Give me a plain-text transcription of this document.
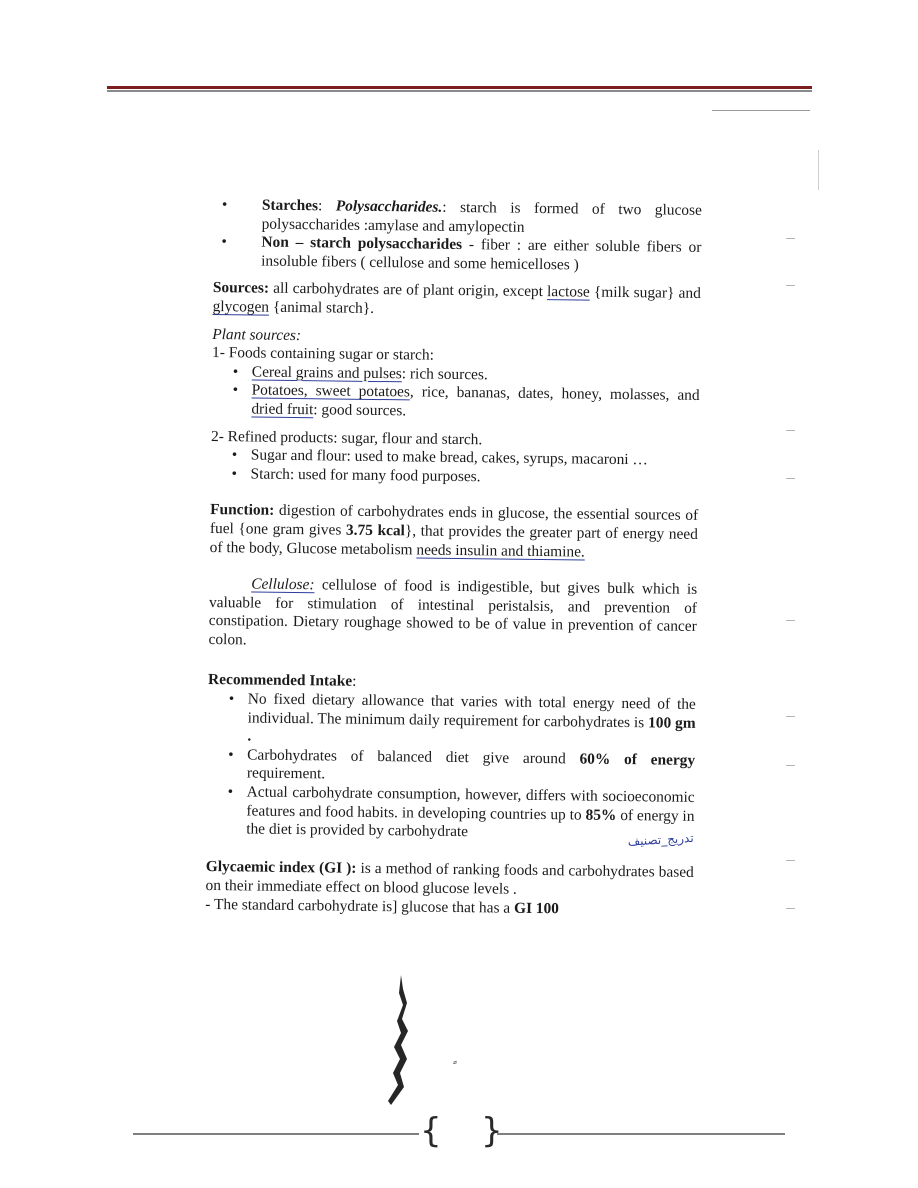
• Starches: Polysaccharides.: starch is formed of two glucose polysaccharides :amylase and amylopectin
• Non – starch polysaccharides - fiber : are either soluble fibers or insoluble fibers ( cellulose and some hemicelloses )

Sources: all carbohydrates are of plant origin, except lactose {milk sugar} and glycogen {animal starch}.

Plant sources:

1- Foods containing sugar or starch:

• Cereal grains and pulses: rich sources.
• Potatoes, sweet potatoes, rice, bananas, dates, honey, molasses, and dried fruit: good sources.

2- Refined products: sugar, flour and starch.

• Sugar and flour: used to make bread, cakes, syrups, macaroni …
• Starch: used for many food purposes.

Function: digestion of carbohydrates ends in glucose, the essential sources of fuel {one gram gives 3.75 kcal}, that provides the greater part of energy need of the body, Glucose metabolism needs insulin and thiamine.

Cellulose: cellulose of food is indigestible, but gives bulk which is valuable for stimulation of intestinal peristalsis, and prevention of constipation. Dietary roughage showed to be of value in prevention of cancer colon.

Recommended Intake:

• No fixed dietary allowance that varies with total energy need of the individual. The minimum daily requirement for carbohydrates is 100 gm .
• Carbohydrates of balanced diet give around 60% of energy requirement.
• Actual carbohydrate consumption, however, differs with socioeconomic features and food habits. in developing countries up to 85% of energy in the diet is provided by carbohydrate	تدريج_تصنيف

Glycaemic index (GI ): is a method of ranking foods and carbohydrates based on their immediate effect on blood glucose levels .

- The standard carbohydrate is] glucose that has a GI 100

{ }
